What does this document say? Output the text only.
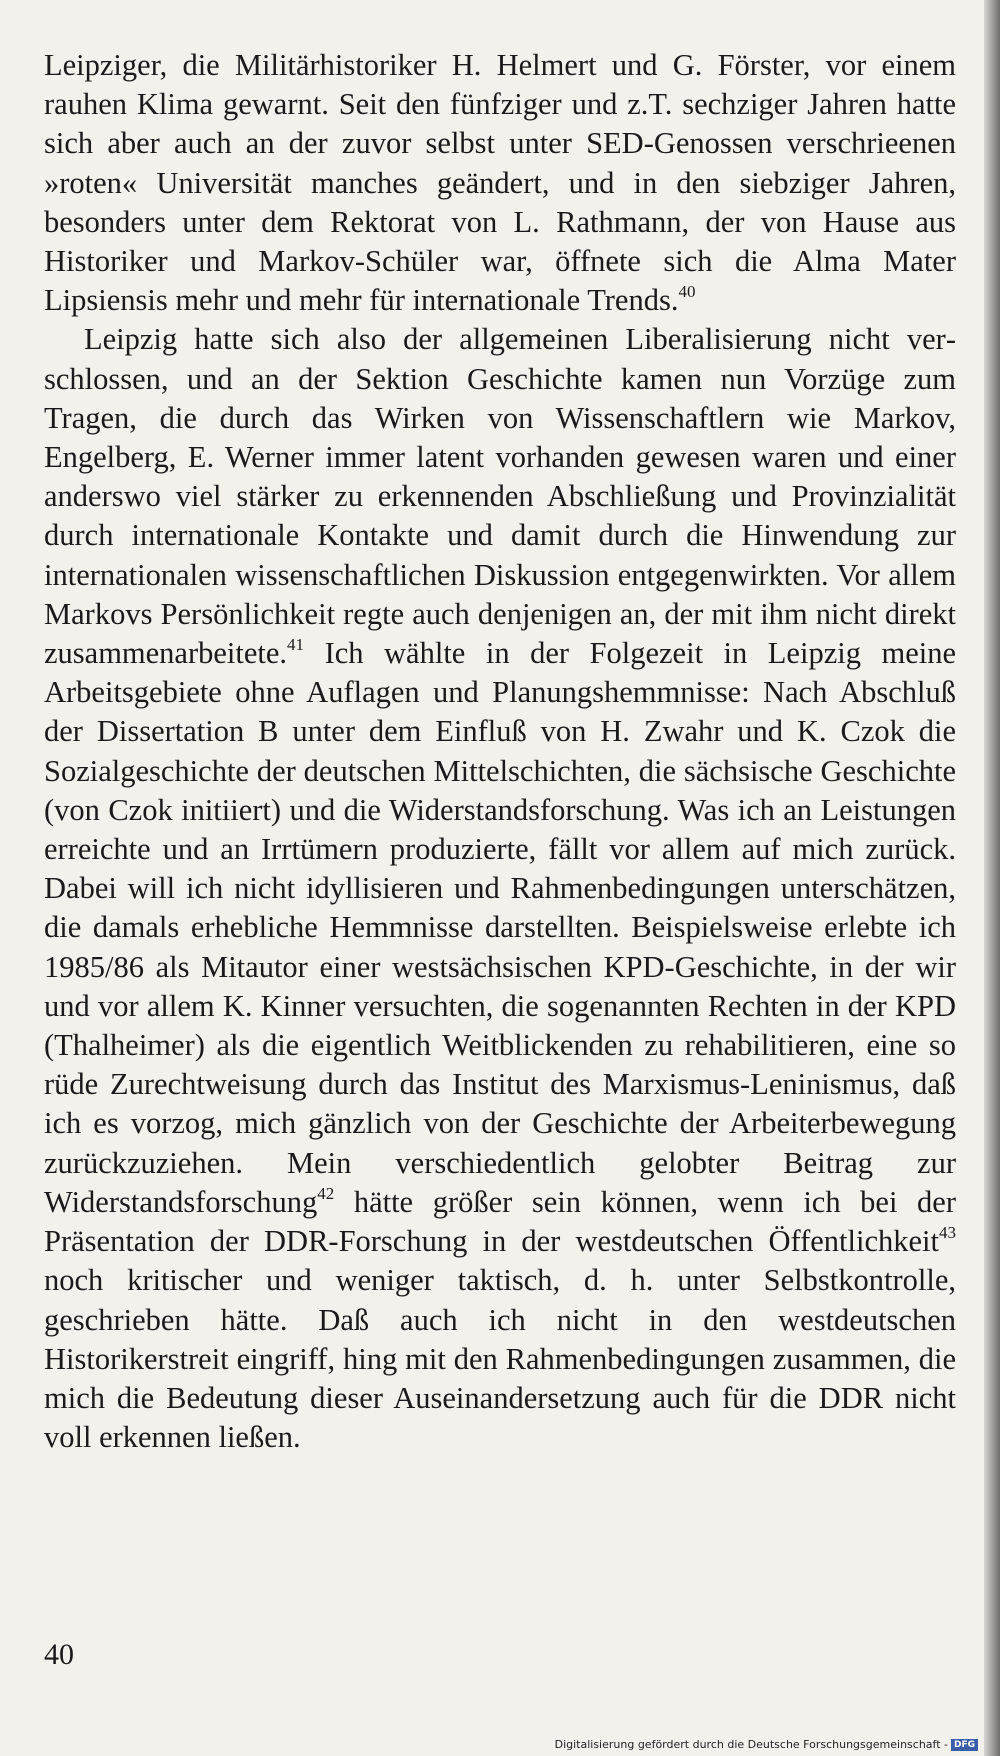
Leipziger, die Militärhistoriker H. Helmert und G. Förster, vor einem rauhen Klima gewarnt. Seit den fünfziger und z.T. sechziger Jahren hatte sich aber auch an der zuvor selbst unter SED-Genossen verschrieenen »roten« Universität manches geändert, und in den siebziger Jahren, besonders unter dem Rektorat von L. Rathmann, der von Hause aus Historiker und Markov-Schüler war, öffnete sich die Alma Mater Lipsiensis mehr und mehr für internationale Trends.$^{40}$

Leipzig hatte sich also der allgemeinen Liberalisierung nicht verschlossen, und an der Sektion Geschichte kamen nun Vorzüge zum Tragen, die durch das Wirken von Wissenschaftlern wie Markov, Engelberg, E. Werner immer latent vorhanden gewesen waren und einer anderswo viel stärker zu erkennenden Abschließung und Provinzialität durch internationale Kontakte und damit durch die Hinwendung zur internationalen wissenschaftlichen Diskussion entgegenwirkten. Vor allem Markovs Persönlichkeit regte auch denjenigen an, der mit ihm nicht direkt zusammenarbeitete.$^{41}$ Ich wählte in der Folgezeit in Leipzig meine Arbeitsgebiete ohne Auflagen und Planungshemmnisse: Nach Abschluß der Dissertation B unter dem Einfluß von H. Zwahr und K. Czok die Sozialgeschichte der deutschen Mittelschichten, die sächsische Geschichte (von Czok initiiert) und die Widerstandsforschung. Was ich an Leistungen erreichte und an Irrtümern produzierte, fällt vor allem auf mich zurück. Dabei will ich nicht idyllisieren und Rahmenbedingungen unterschätzen, die damals erhebliche Hemmnisse darstellten. Beispielsweise erlebte ich 1985/86 als Mitautor einer westsächsischen KPD-Geschichte, in der wir und vor allem K. Kinner versuchten, die sogenannten Rechten in der KPD (Thalheimer) als die eigentlich Weitblickenden zu rehabilitieren, eine so rüde Zurechtweisung durch das Institut des Marxismus-Leninismus, daß ich es vorzog, mich gänzlich von der Geschichte der Arbeiterbewegung zurückzuziehen. Mein verschiedentlich gelobter Beitrag zur Widerstandsforschung$^{42}$ hätte größer sein können, wenn ich bei der Präsentation der DDR-Forschung in der westdeutschen Öffentlichkeit$^{43}$ noch kritischer und weniger taktisch, d. h. unter Selbstkontrolle, geschrieben hätte. Daß auch ich nicht in den westdeutschen Historikerstreit eingriff, hing mit den Rahmenbedingungen zusammen, die mich die Bedeutung dieser Auseinandersetzung auch für die DDR nicht voll erkennen ließen.

40
Digitalisierung gefördert durch die Deutsche Forschungsgemeinschaft - DFG
